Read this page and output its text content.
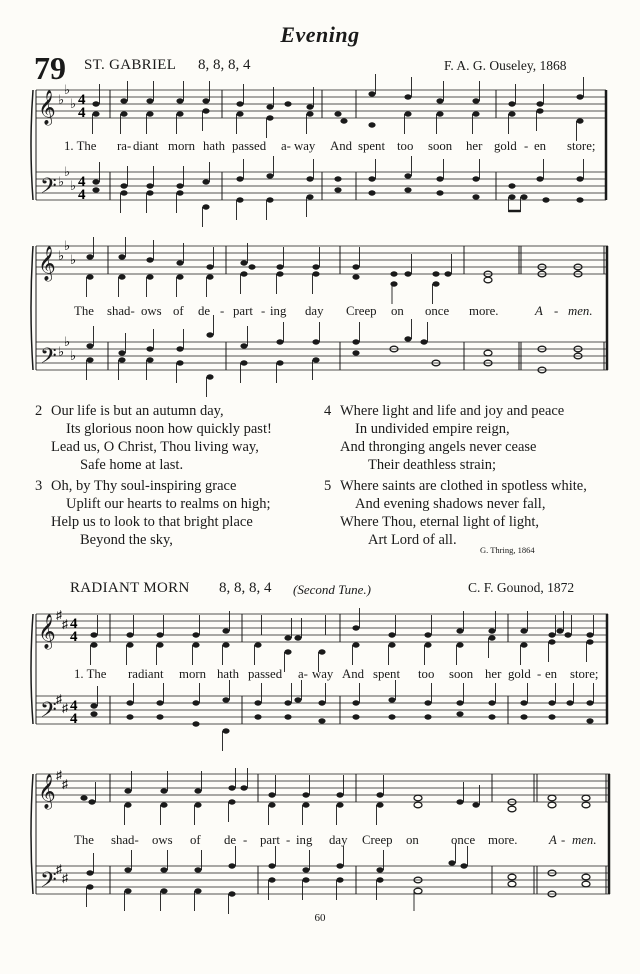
Evening
79 ST. GABRIEL 8, 8, 8, 4	F. A. G. Ouseley, 1868
𝄞
𝄢
♭
♭
♭
♭
♭
♭
4
4
4
4
1. The ra- diant morn hath passed a- way And spent too soon her gold - en store;
𝄞
𝄢
♭
♭
♭
♭
♭
♭
The shad- ows of de - part - ing day Creep on once more.	A - men.
2 Our life is but an autumn day,
Its glorious noon how quickly past!
Lead us, O Christ, Thou living way,
Safe home at last.
3 Oh, by Thy soul-inspiring grace
Uplift our hearts to realms on high;
Help us to look to that bright place
Beyond the sky,
4 Where light and life and joy and peace
In undivided empire reign,
And thronging angels never cease
Their deathless strain;
5 Where saints are clothed in spotless white,
And evening shadows never fall,
Where Thou, eternal light of light,
Art Lord of all.
G. Thring, 1864
RADIANT MORN 8, 8, 8, 4 (Second Tune.)	C. F. Gounod, 1872
𝄞
𝄢
♯
♯
♯
♯
4
4
4
4
1. The radiant morn hath passed a- way And spent too soon her gold - en store;
𝄞
𝄢
♯
♯
♯
♯
The shad- ows of de - part - ing day Creep on	once more. A - men.
60
